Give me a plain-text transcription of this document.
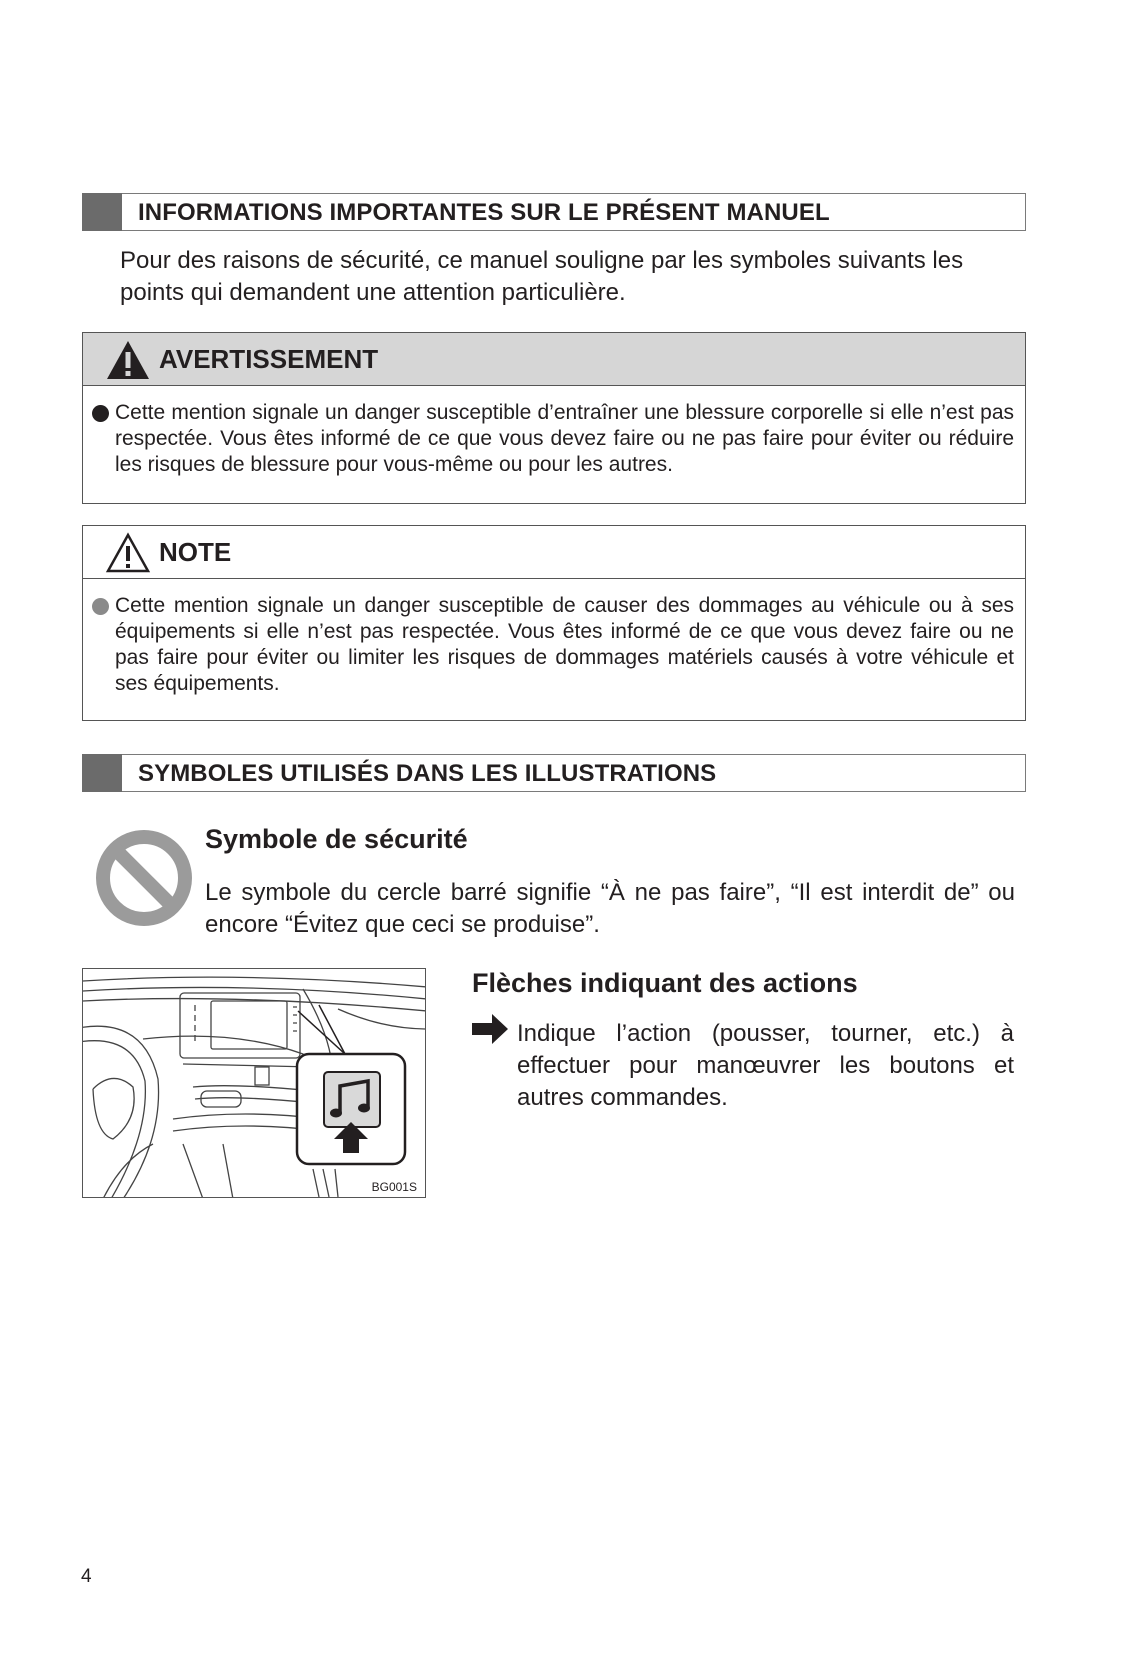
INFORMATIONS IMPORTANTES SUR LE PRÉSENT MANUEL
Pour des raisons de sécurité, ce manuel souligne par les symboles suivants les points qui demandent une attention particulière.
AVERTISSEMENT
Cette mention signale un danger susceptible d’entraîner une blessure corporelle si elle n’est pas respectée. Vous êtes informé de ce que vous devez faire ou ne pas faire pour éviter ou réduire les risques de blessure pour vous-même ou pour les autres.
NOTE
Cette mention signale un danger susceptible de causer des dommages au véhicule ou à ses équipements si elle n’est pas respectée. Vous êtes informé de ce que vous devez faire ou ne pas faire pour éviter ou limiter les risques de dommages matériels causés à votre véhicule et ses équipements.
SYMBOLES UTILISÉS DANS LES ILLUSTRATIONS
Symbole de sécurité
Le symbole du cercle barré signifie “À ne pas faire”, “Il est interdit de” ou encore “Évitez que ceci se produise”.
BG001S
Flèches indiquant des actions
Indique l’action (pousser, tourner, etc.) à effectuer pour manœuvrer les boutons et autres commandes.
4
